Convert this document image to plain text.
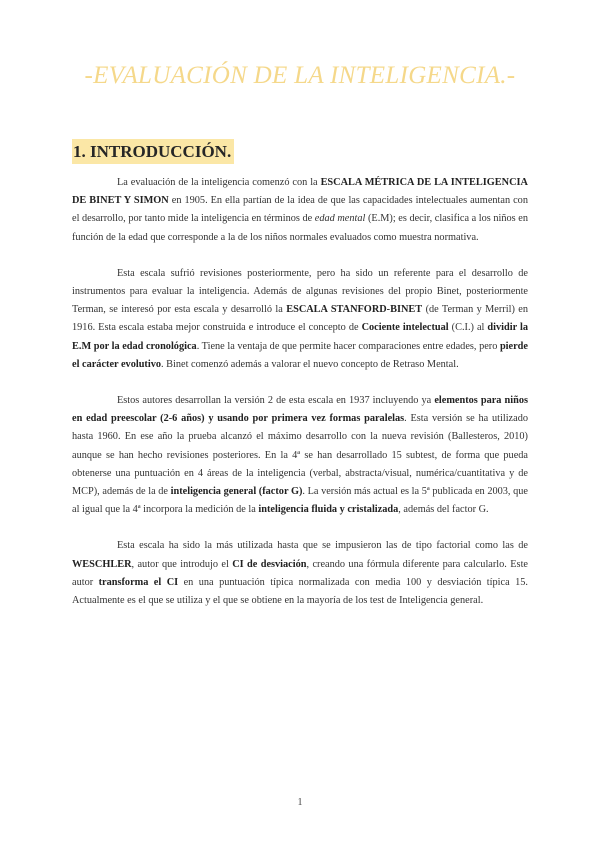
-EVALUACIÓN DE LA INTELIGENCIA.-
1. INTRODUCCIÓN.

La evaluación de la inteligencia comenzó con la ESCALA MÉTRICA DE LA INTELIGENCIA DE BINET Y SIMON en 1905. En ella partían de la idea de que las capacidades intelectuales aumentan con el desarrollo, por tanto mide la inteligencia en términos de edad mental (E.M); es decir, clasifica a los niños en función de la edad que corresponde a la de los niños normales evaluados como muestra normativa.

Esta escala sufrió revisiones posteriormente, pero ha sido un referente para el desarrollo de instrumentos para evaluar la inteligencia. Además de algunas revisiones del propio Binet, posteriormente Terman, se interesó por esta escala y desarrolló la ESCALA STANFORD-BINET (de Terman y Merril) en 1916. Esta escala estaba mejor construida e introduce el concepto de Cociente intelectual (C.I.) al dividir la E.M por la edad cronológica. Tiene la ventaja de que permite hacer comparaciones entre edades, pero pierde el carácter evolutivo. Binet comenzó además a valorar el nuevo concepto de Retraso Mental.

Estos autores desarrollan la versión 2 de esta escala en 1937 incluyendo ya elementos para niños en edad preescolar (2-6 años) y usando por primera vez formas paralelas. Esta versión se ha utilizado hasta 1960. En ese año la prueba alcanzó el máximo desarrollo con la nueva revisión (Ballesteros, 2010) aunque se han hecho revisiones posteriores. En la 4ª se han desarrollado 15 subtest, de forma que pueda obtenerse una puntuación en 4 áreas de la inteligencia (verbal, abstracta/visual, numérica/cuantitativa y de MCP), además de la de inteligencia general (factor G). La versión más actual es la 5ª publicada en 2003, que al igual que la 4ª incorpora la medición de la inteligencia fluida y cristalizada, además del factor G.

Esta escala ha sido la más utilizada hasta que se impusieron las de tipo factorial como las de WESCHLER, autor que introdujo el CI de desviación, creando una fórmula diferente para calcularlo. Este autor transforma el CI en una puntuación típica normalizada con media 100 y desviación típica 15. Actualmente es el que se utiliza y el que se obtiene en la mayoría de los test de Inteligencia general.

1
